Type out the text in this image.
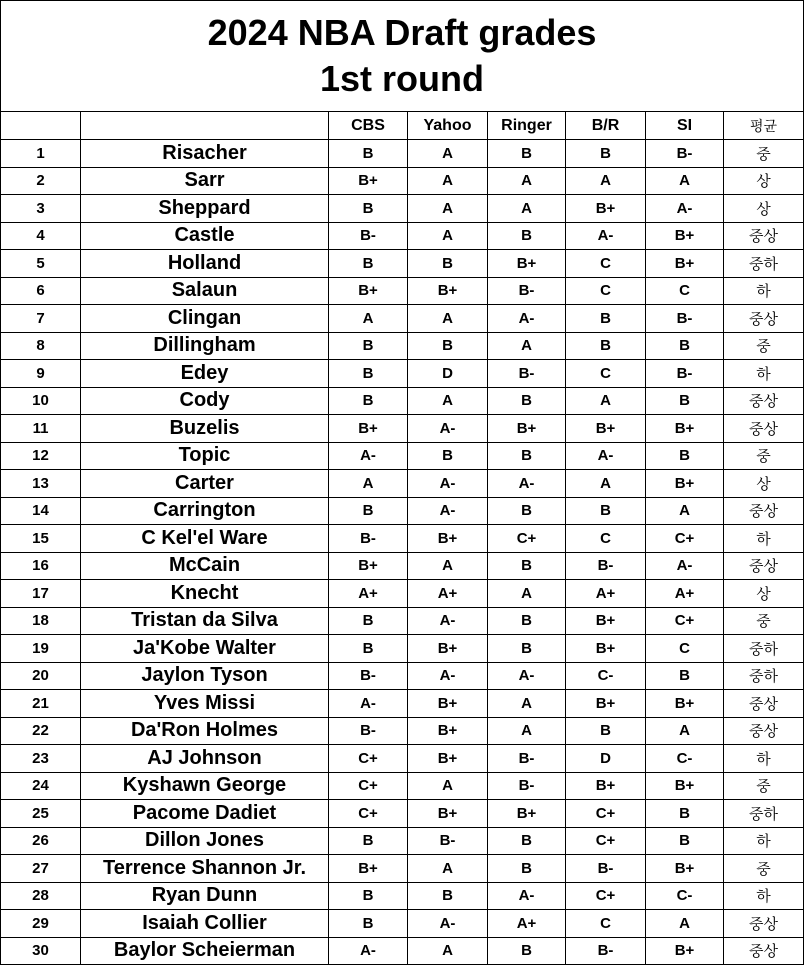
2024 NBA Draft grades
1st round							

		CBS	Yahoo	Ringer	B/R	SI	평균
1	Risacher	B	A	B	B	B-	중
2	Sarr	B+	A	A	A	A	상
3	Sheppard	B	A	A	B+	A-	상
4	Castle	B-	A	B	A-	B+	중상
5	Holland	B	B	B+	C	B+	중하
6	Salaun	B+	B+	B-	C	C	하
7	Clingan	A	A	A-	B	B-	중상
8	Dillingham	B	B	A	B	B	중
9	Edey	B	D	B-	C	B-	하
10	Cody	B	A	B	A	B	중상
11	Buzelis	B+	A-	B+	B+	B+	중상
12	Topic	A-	B	B	A-	B	중
13	Carter	A	A-	A-	A	B+	상
14	Carrington	B	A-	B	B	A	중상
15	C Kel'el Ware	B-	B+	C+	C	C+	하
16	McCain	B+	A	B	B-	A-	중상
17	Knecht	A+	A+	A	A+	A+	상
18	Tristan da Silva	B	A-	B	B+	C+	중
19	Ja'Kobe Walter	B	B+	B	B+	C	중하
20	Jaylon Tyson	B-	A-	A-	C-	B	중하
21	Yves Missi	A-	B+	A	B+	B+	중상
22	Da'Ron Holmes	B-	B+	A	B	A	중상
23	AJ Johnson	C+	B+	B-	D	C-	하
24	Kyshawn George	C+	A	B-	B+	B+	중
25	Pacome Dadiet	C+	B+	B+	C+	B	중하
26	Dillon Jones	B	B-	B	C+	B	하
27	Terrence Shannon Jr.	B+	A	B	B-	B+	중
28	Ryan Dunn	B	B	A-	C+	C-	하
29	Isaiah Collier	B	A-	A+	C	A	중상
30	Baylor Scheierman	A-	A	B	B-	B+	중상
